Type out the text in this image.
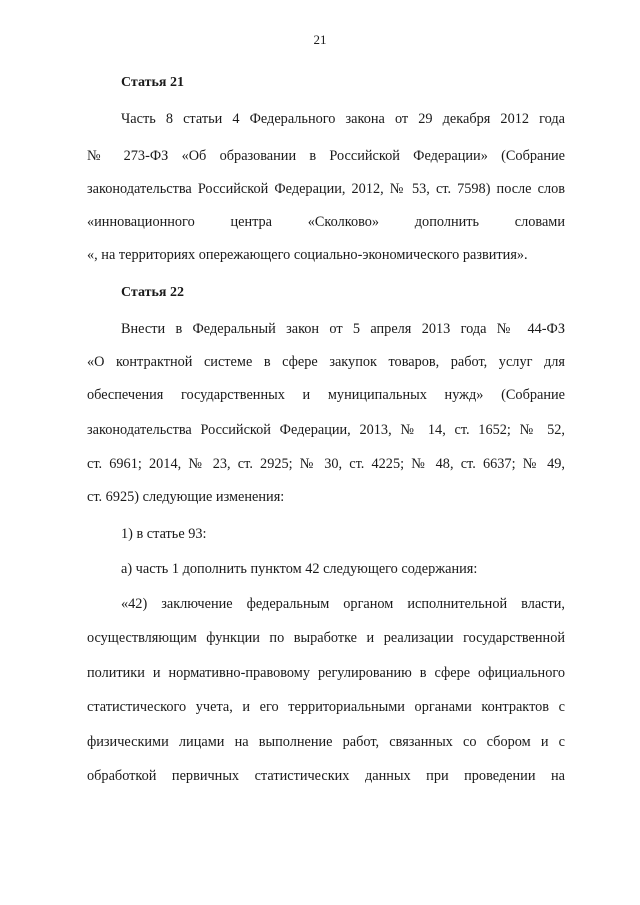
21
Статья 21
Часть 8 статьи 4 Федерального закона от 29 декабря 2012 года
№ 273-ФЗ «Об образовании в Российской Федерации» (Собрание
законодательства Российской Федерации, 2012, № 53, ст. 7598) после слов
«инновационного центра «Сколково» дополнить словами
«, на территориях опережающего социально-экономического развития».
Статья 22
Внести в Федеральный закон от 5 апреля 2013 года № 44-ФЗ
«О контрактной системе в сфере закупок товаров, работ, услуг для
обеспечения государственных и муниципальных нужд» (Собрание
законодательства Российской Федерации, 2013, № 14, ст. 1652; № 52,
ст. 6961; 2014, № 23, ст. 2925; № 30, ст. 4225; № 48, ст. 6637; № 49,
ст. 6925) следующие изменения:
1) в статье 93:
а) часть 1 дополнить пунктом 42 следующего содержания:
«42) заключение федеральным органом исполнительной власти,
осуществляющим функции по выработке и реализации государственной
политики и нормативно-правовому регулированию в сфере официального
статистического учета, и его территориальными органами контрактов с
физическими лицами на выполнение работ, связанных со сбором и с
обработкой первичных статистических данных при проведении на
